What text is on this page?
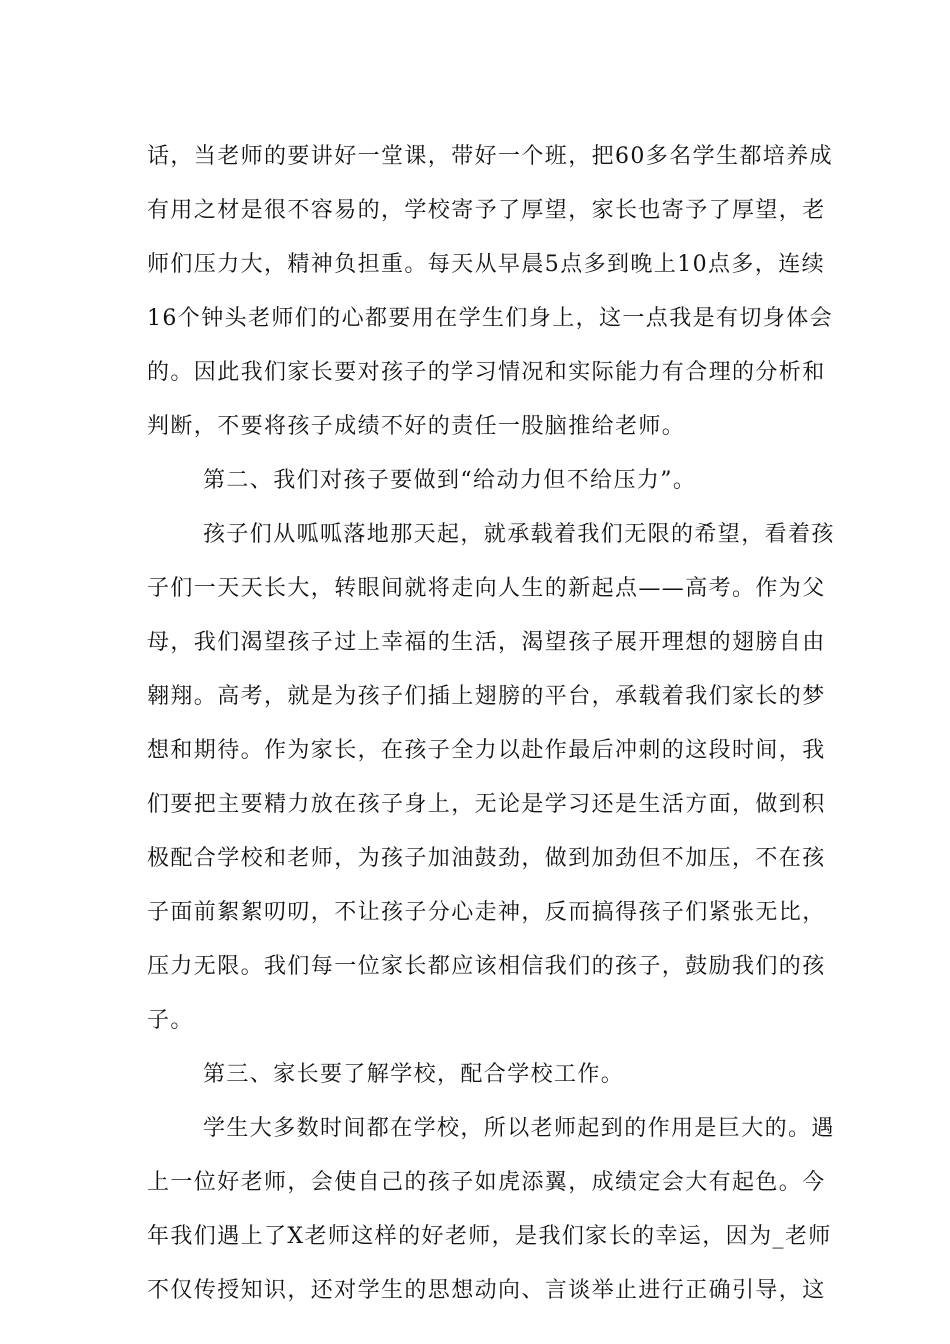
话，当老师的要讲好一堂课，带好一个班，把60多名学生都培养成
有用之材是很不容易的，学校寄予了厚望，家长也寄予了厚望，老
师们压力大，精神负担重。每天从早晨5点多到晚上10点多，连续
16个钟头老师们的心都要用在学生们身上，这一点我是有切身体会
的。因此我们家长要对孩子的学习情况和实际能力有合理的分析和
判断，不要将孩子成绩不好的责任一股脑推给老师。
第二、我们对孩子要做到“给动力但不给压力”。
孩子们从呱呱落地那天起，就承载着我们无限的希望，看着孩
子们一天天长大，转眼间就将走向人生的新起点——高考。作为父
母，我们渴望孩子过上幸福的生活，渴望孩子展开理想的翅膀自由
翱翔。高考，就是为孩子们插上翅膀的平台，承载着我们家长的梦
想和期待。作为家长，在孩子全力以赴作最后冲刺的这段时间，我
们要把主要精力放在孩子身上，无论是学习还是生活方面，做到积
极配合学校和老师，为孩子加油鼓劲，做到加劲但不加压，不在孩
子面前絮絮叨叨，不让孩子分心走神，反而搞得孩子们紧张无比，
压力无限。我们每一位家长都应该相信我们的孩子，鼓励我们的孩
子。
第三、家长要了解学校，配合学校工作。
学生大多数时间都在学校，所以老师起到的作用是巨大的。遇
上一位好老师，会使自己的孩子如虎添翼，成绩定会大有起色。今
年我们遇上了X老师这样的好老师，是我们家长的幸运，因为_老师
不仅传授知识，还对学生的思想动向、言谈举止进行正确引导，这
